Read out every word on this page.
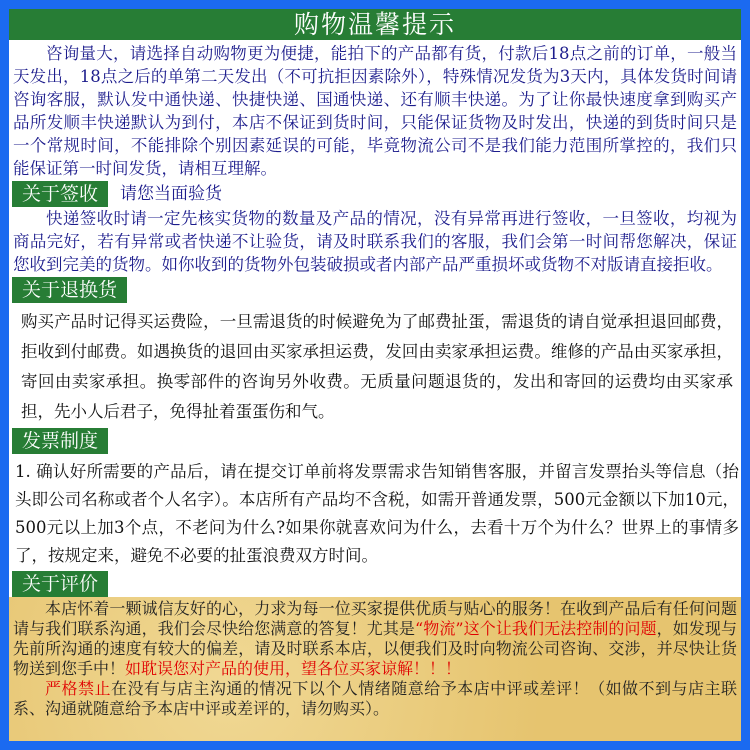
购物温馨提示
咨询量大，请选择自动购物更为便捷，能拍下的产品都有货，付款后18点之前的订单，一般当天发出，18点之后的单第二天发出（不可抗拒因素除外），特殊情况发货为3天内，具体发货时间请咨询客服，默认发中通快递、快捷快递、国通快递、还有顺丰快递。为了让你最快速度拿到购买产品所发顺丰快递默认为到付，本店不保证到货时间，只能保证货物及时发出，快递的到货时间只是一个常规时间，不能排除个别因素延误的可能，毕竟物流公司不是我们能力范围所掌控的，我们只能保证第一时间发货，请相互理解。
关于签收	请您当面验货
快递签收时请一定先核实货物的数量及产品的情况，没有异常再进行签收，一旦签收，均视为商品完好，若有异常或者快递不让验货，请及时联系我们的客服，我们会第一时间帮您解决，保证您收到完美的货物。如你收到的货物外包装破损或者内部产品严重损坏或货物不对版请直接拒收。
关于退换货
购买产品时记得买运费险，一旦需退货的时候避免为了邮费扯蛋，需退货的请自觉承担退回邮费，拒收到付邮费。如遇换货的退回由买家承担运费，发回由卖家承担运费。维修的产品由买家承担，寄回由卖家承担。换零部件的咨询另外收费。无质量问题退货的，发出和寄回的运费均由买家承担，先小人后君子，免得扯着蛋蛋伤和气。
发票制度
1. 确认好所需要的产品后，请在提交订单前将发票需求告知销售客服，并留言发票抬头等信息（抬头即公司名称或者个人名字）。本店所有产品均不含税，如需开普通发票，500元金额以下加10元，500元以上加3个点，不老问为什么?如果你就喜欢问为什么，去看十万个为什么？世界上的事情多了，按规定来，避免不必要的扯蛋浪费双方时间。
关于评价
本店怀着一颗诚信友好的心，力求为每一位买家提供优质与贴心的服务！在收到产品后有任何问题请与我们联系沟通，我们会尽快给您满意的答复！尤其是“物流”这个让我们无法控制的问题，如发现与先前所沟通的速度有较大的偏差，请及时联系本店，以便我们及时向物流公司咨询、交涉，并尽快让货物送到您手中！如耽误您对产品的使用，望各位买家谅解！！！
严格禁止在没有与店主沟通的情况下以个人情绪随意给予本店中评或差评！（如做不到与店主联系、沟通就随意给予本店中评或差评的，请勿购买）。
